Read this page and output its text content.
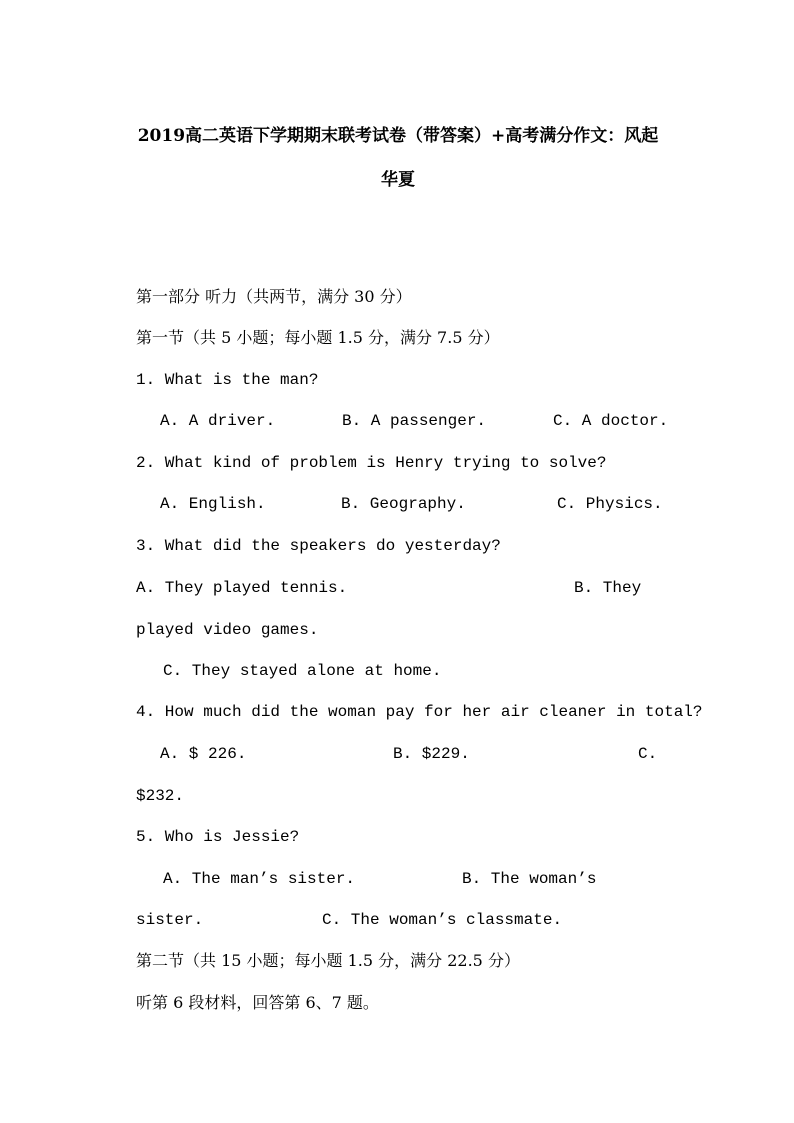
2019高二英语下学期期末联考试卷（带答案）+高考满分作文：风起
华夏
第一部分 听力（共两节，满分 30 分）
第一节（共 5 小题；每小题 1.5 分，满分 7.5 分）
1. What is the man?
A. A driver.	B. A passenger.	C. A doctor.
2. What kind of problem is Henry trying to solve?
A. English.	B. Geography.	C. Physics.
3. What did the speakers do yesterday?
A. They played tennis.	B. They
played video games.
C. They stayed alone at home.
4. How much did the woman pay for her air cleaner in total?
A. $ 226.	B. $229.	C.
$232.
5. Who is Jessie?
A. The man’s sister.	B. The woman’s
sister.	C. The woman’s classmate.
第二节（共 15 小题；每小题 1.5 分，满分 22.5 分）
听第 6 段材料，回答第 6、7 题。
